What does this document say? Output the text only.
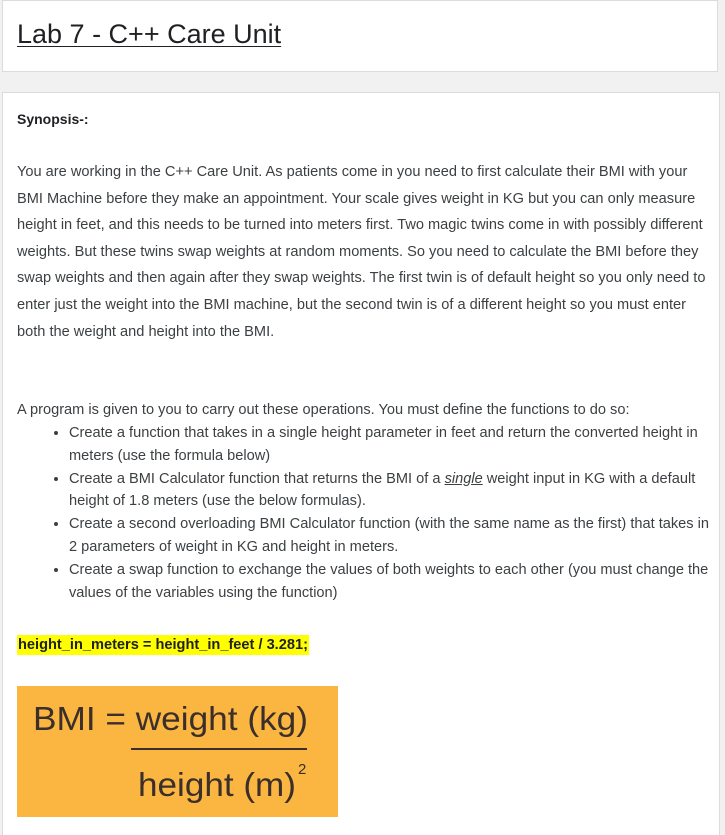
Lab 7 - C++ Care Unit
Synopsis-:
You are working in the C++ Care Unit. As patients come in you need to first calculate their BMI with your BMI Machine before they make an appointment. Your scale gives weight in KG but you can only measure height in feet, and this needs to be turned into meters first. Two magic twins come in with possibly different weights. But these twins swap weights at random moments. So you need to calculate the BMI before they swap weights and then again after they swap weights. The first twin is of default height so you only need to enter just the weight into the BMI machine, but the second twin is of a different height so you must enter both the weight and height into the BMI.
A program is given to you to carry out these operations. You must define the functions to do so:
• Create a function that takes in a single height parameter in feet and return the converted height in meters (use the formula below)
• Create a BMI Calculator function that returns the BMI of a single weight input in KG with a default height of 1.8 meters (use the below formulas).
• Create a second overloading BMI Calculator function (with the same name as the first) that takes in 2 parameters of weight in KG and height in meters.
• Create a swap function to exchange the values of both weights to each other (you must change the values of the variables using the function)
height_in_meters = height_in_feet / 3.281;
BMI = weight (kg)
height (m) 2
